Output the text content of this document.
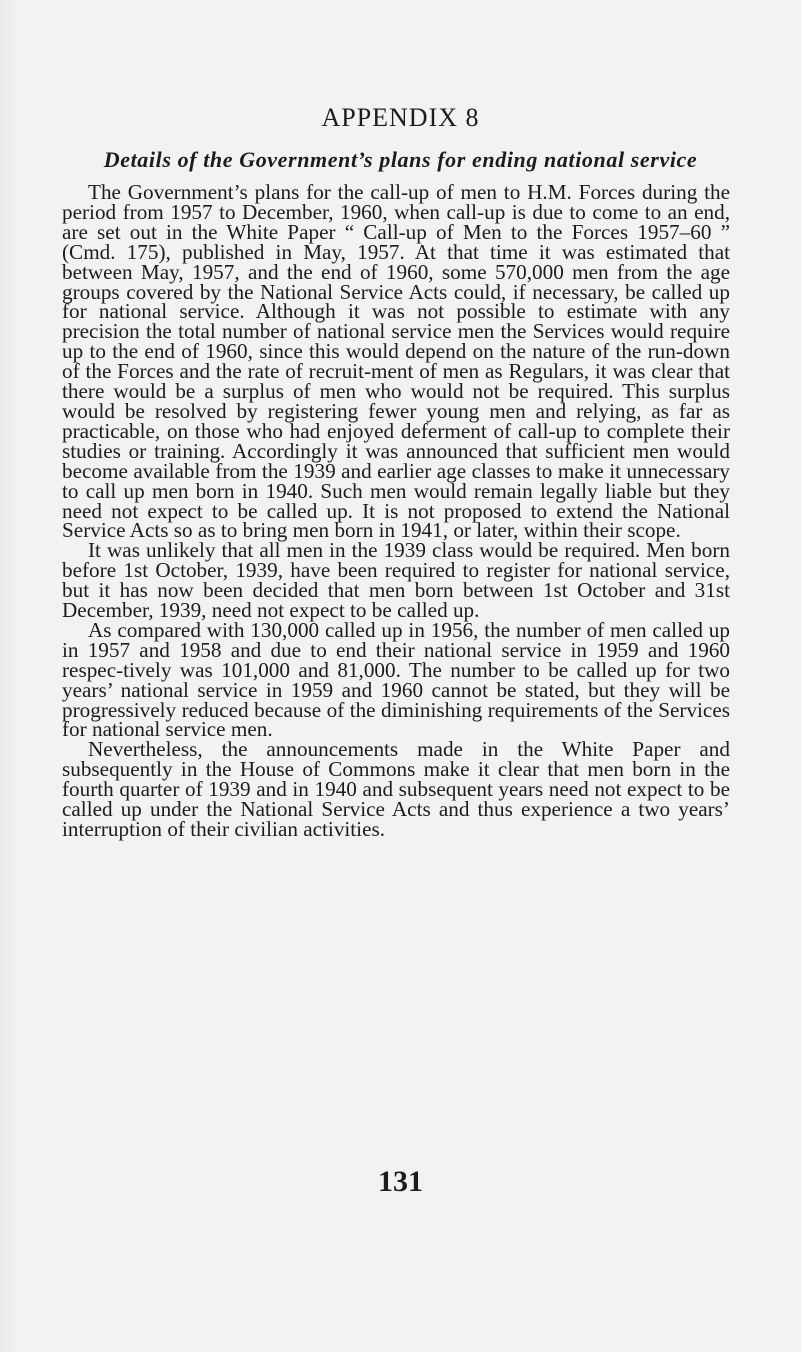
APPENDIX 8
Details of the Government’s plans for ending national service

The Government’s plans for the call-up of men to H.M. Forces during the period from 1957 to December, 1960, when call-up is due to come to an end, are set out in the White Paper “ Call-up of Men to the Forces 1957–60 ” (Cmd. 175), published in May, 1957. At that time it was estimated that between May, 1957, and the end of 1960, some 570,000 men from the age groups covered by the National Service Acts could, if necessary, be called up for national service. Although it was not possible to estimate with any precision the total number of national service men the Services would require up to the end of 1960, since this would depend on the nature of the run-down of the Forces and the rate of recruit-ment of men as Regulars, it was clear that there would be a surplus of men who would not be required. This surplus would be resolved by registering fewer young men and relying, as far as practicable, on those who had enjoyed deferment of call-up to complete their studies or training. Accordingly it was announced that sufficient men would become available from the 1939 and earlier age classes to make it unnecessary to call up men born in 1940. Such men would remain legally liable but they need not expect to be called up. It is not proposed to extend the National Service Acts so as to bring men born in 1941, or later, within their scope.

It was unlikely that all men in the 1939 class would be required. Men born before 1st October, 1939, have been required to register for national service, but it has now been decided that men born between 1st October and 31st December, 1939, need not expect to be called up.

As compared with 130,000 called up in 1956, the number of men called up in 1957 and 1958 and due to end their national service in 1959 and 1960 respec-tively was 101,000 and 81,000. The number to be called up for two years’ national service in 1959 and 1960 cannot be stated, but they will be progressively reduced because of the diminishing requirements of the Services for national service men.

Nevertheless, the announcements made in the White Paper and subsequently in the House of Commons make it clear that men born in the fourth quarter of 1939 and in 1940 and subsequent years need not expect to be called up under the National Service Acts and thus experience a two years’ interruption of their civilian activities.

131
